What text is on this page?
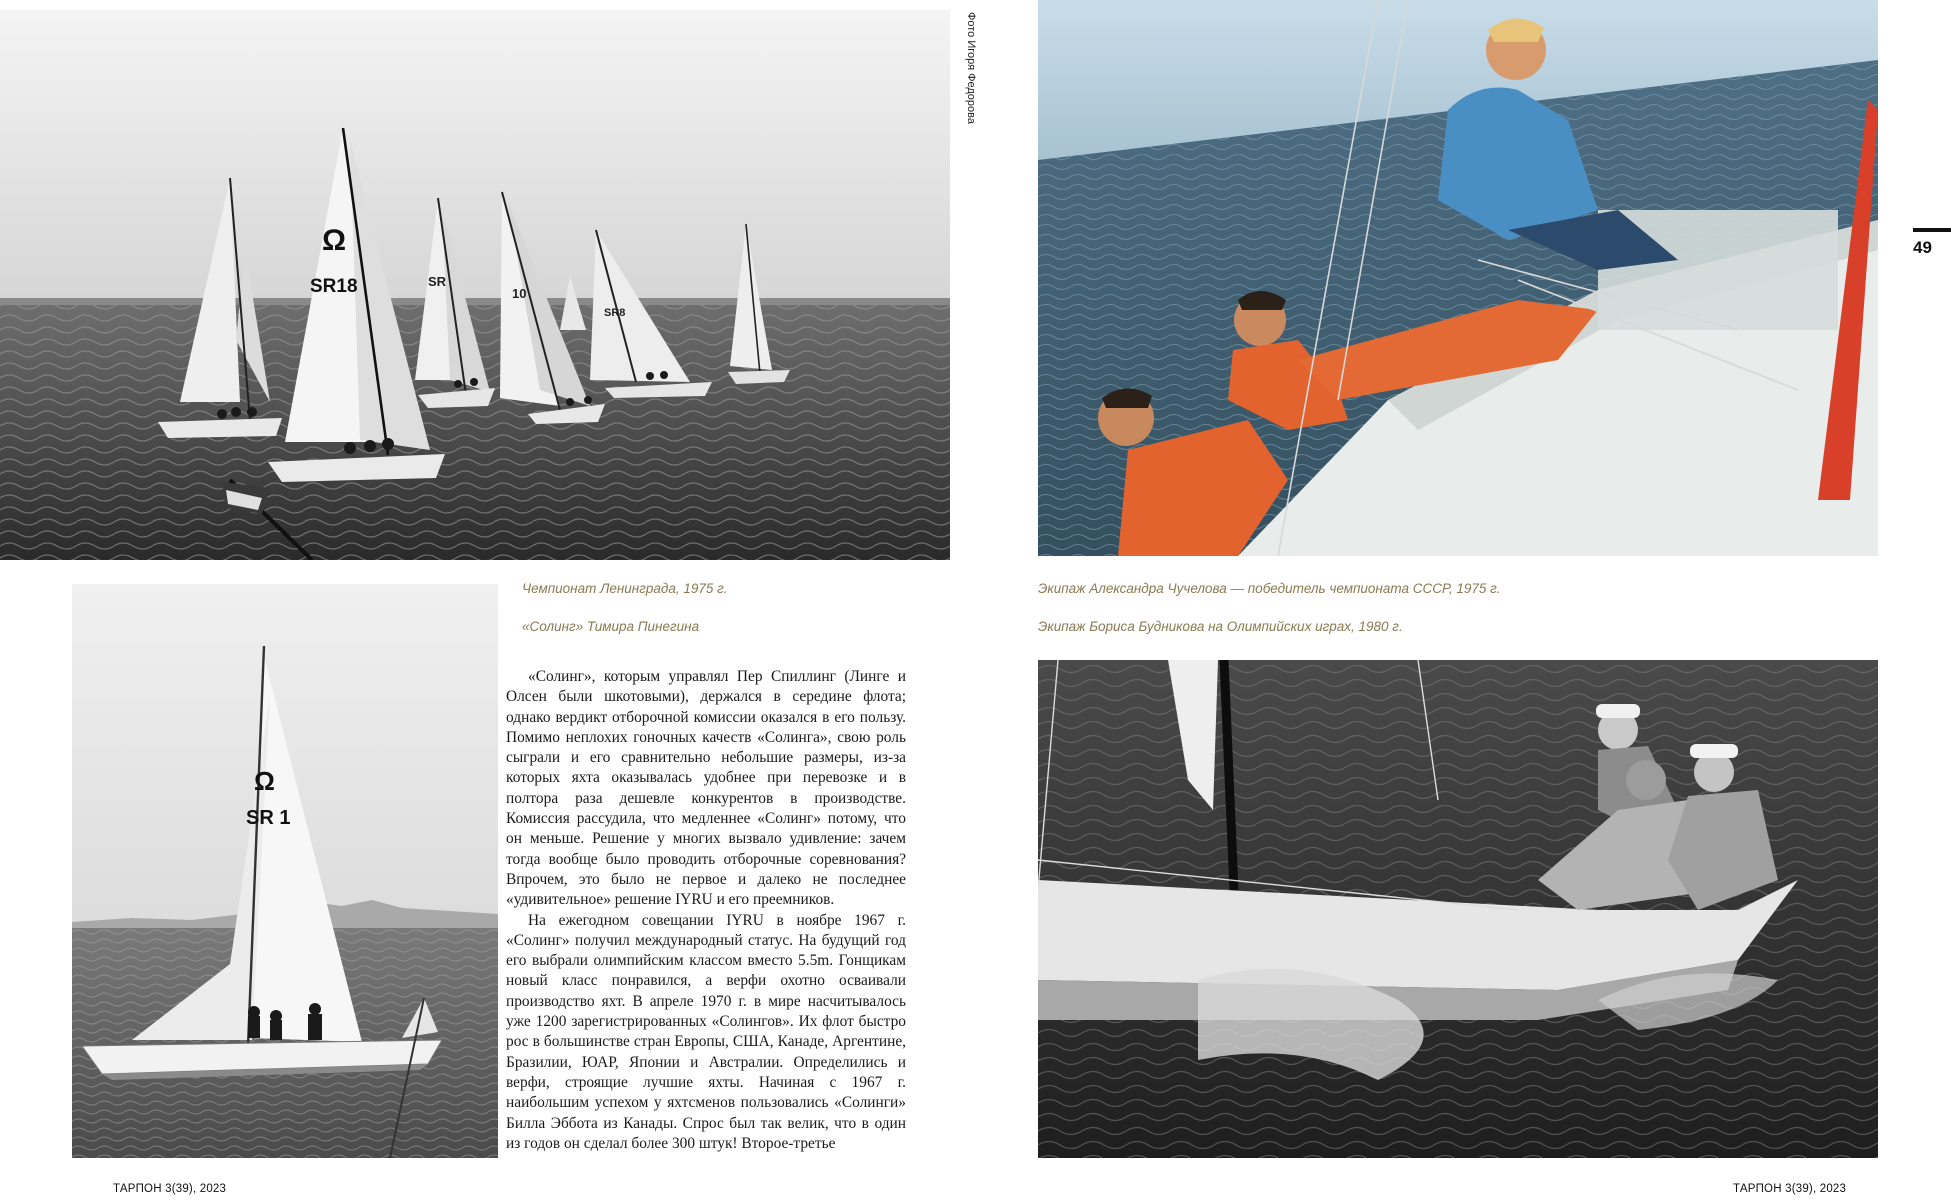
Ω
SR18	SR
10
SR8
Фото Игоря Федорова
Ω
SR 1
Чемпионат Ленинграда, 1975 г.
«Солинг» Тимира Пинегина

«Солинг», которым управлял Пер Спиллинг (Линге и Олсен были шкотовыми), держался в середине флота; однако вердикт отборочной комиссии оказался в его пользу. Помимо неплохих гоночных качеств «Солинга», свою роль сыграли и его сравнительно небольшие размеры, из-за которых яхта оказывалась удобнее при перевозке и в полтора раза дешевле конкурентов в производстве. Комиссия рассудила, что медленнее «Солинг» потому, что он меньше. Решение у многих вызвало удивление: зачем тогда вообще было проводить отборочные соревнования? Впрочем, это было не первое и далеко не последнее «удивительное» решение IYRU и его преемников.

На ежегодном совещании IYRU в ноябре 1967 г. «Солинг» получил международный статус. На будущий год его выбрали олимпийским классом вместо 5.5m. Гонщикам новый класс понравился, а верфи охотно осваивали производство яхт. В апреле 1970 г. в мире насчитывалось уже 1200 зарегистрированных «Солингов». Их флот быстро рос в большинстве стран Европы, США, Канаде, Аргентине, Бразилии, ЮАР, Японии и Австралии. Определились и верфи, строящие лучшие яхты. Начиная с 1967 г. наибольшим успехом у яхтсменов пользовались «Солинги» Билла Эббота из Канады. Спрос был так велик, что в один из годов он сделал более 300 штук! Второе-третье

ТАРПОН 3(39), 2023
49
Экипаж Александра Чучелова — победитель чемпионата СССР, 1975 г.
Экипаж Бориса Будникова на Олимпийских играх, 1980 г.
ТАРПОН 3(39), 2023
